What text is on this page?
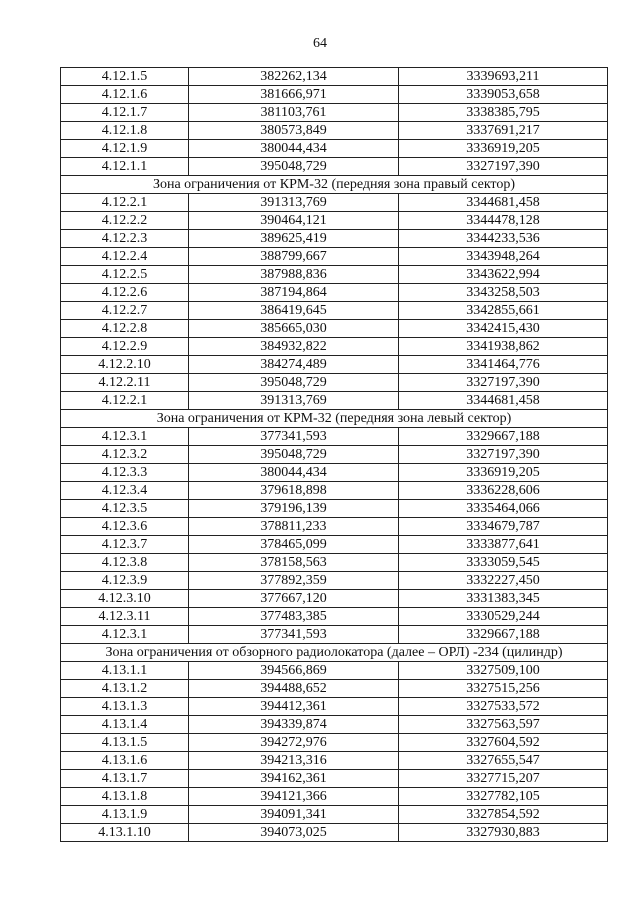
64
4.12.1.5	382262,134	3339693,211
4.12.1.6	381666,971	3339053,658
4.12.1.7	381103,761	3338385,795
4.12.1.8	380573,849	3337691,217
4.12.1.9	380044,434	3336919,205
4.12.1.1	395048,729	3327197,390
Зона ограничения от КРМ-32 (передняя зона правый сектор)		
4.12.2.1	391313,769	3344681,458
4.12.2.2	390464,121	3344478,128
4.12.2.3	389625,419	3344233,536
4.12.2.4	388799,667	3343948,264
4.12.2.5	387988,836	3343622,994
4.12.2.6	387194,864	3343258,503
4.12.2.7	386419,645	3342855,661
4.12.2.8	385665,030	3342415,430
4.12.2.9	384932,822	3341938,862
4.12.2.10	384274,489	3341464,776
4.12.2.11	395048,729	3327197,390
4.12.2.1	391313,769	3344681,458
Зона ограничения от КРМ-32 (передняя зона левый сектор)		
4.12.3.1	377341,593	3329667,188
4.12.3.2	395048,729	3327197,390
4.12.3.3	380044,434	3336919,205
4.12.3.4	379618,898	3336228,606
4.12.3.5	379196,139	3335464,066
4.12.3.6	378811,233	3334679,787
4.12.3.7	378465,099	3333877,641
4.12.3.8	378158,563	3333059,545
4.12.3.9	377892,359	3332227,450
4.12.3.10	377667,120	3331383,345
4.12.3.11	377483,385	3330529,244
4.12.3.1	377341,593	3329667,188
Зона ограничения от обзорного радиолокатора (далее – ОРЛ) -234 (цилиндр)		
4.13.1.1	394566,869	3327509,100
4.13.1.2	394488,652	3327515,256
4.13.1.3	394412,361	3327533,572
4.13.1.4	394339,874	3327563,597
4.13.1.5	394272,976	3327604,592
4.13.1.6	394213,316	3327655,547
4.13.1.7	394162,361	3327715,207
4.13.1.8	394121,366	3327782,105
4.13.1.9	394091,341	3327854,592
4.13.1.10	394073,025	3327930,883
